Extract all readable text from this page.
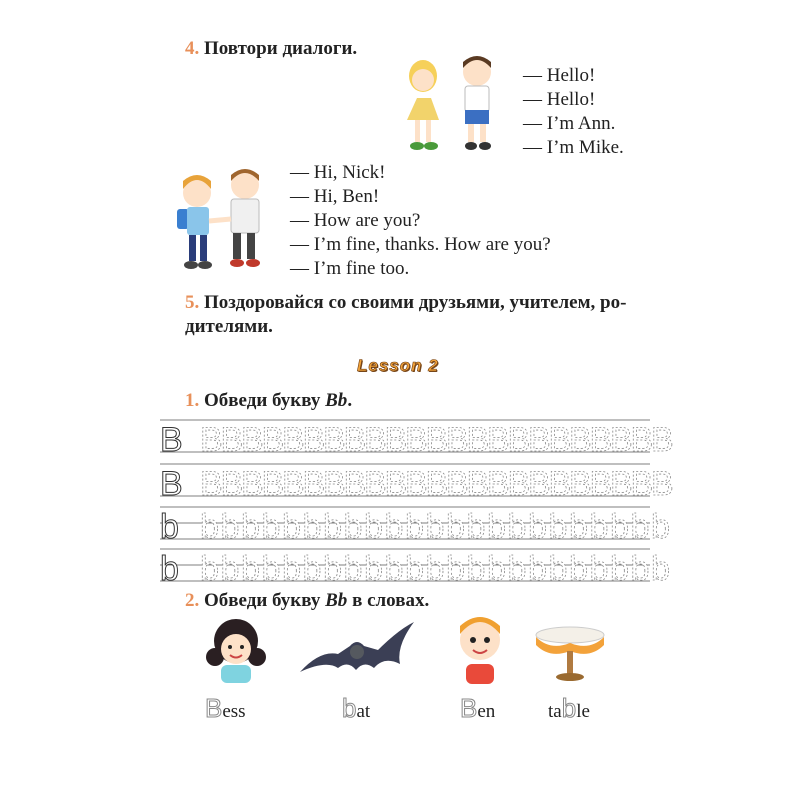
4. Повтори диалоги.
— Hello!
— Hello!
— I’m Ann.
— I’m Mike.
— Hi, Nick!
— Hi, Ben!
— How are you?
— I’m fine, thanks. How are you?
— I’m fine too.
5. Поздоровайся со своими друзьями, учителем, ро-
дителями.
Lesson 2
1. Обведи букву Bb.
B B
B
B
B
B
B
B
B
B
B
B
B
B
B
B
B
B
B
B
B
B
B
B
B B
B
B
B
B
B
B
B
B
B
B
B
B
B
B
B
B
B
B
B
B
B
B
b b b b b b b b b b b b b b b b b b b b b b b b
b b b b b b b b b b b b b b b b b b b b b b b b
2. Обведи букву Bb в словах.
Bess	bat	Ben	table
